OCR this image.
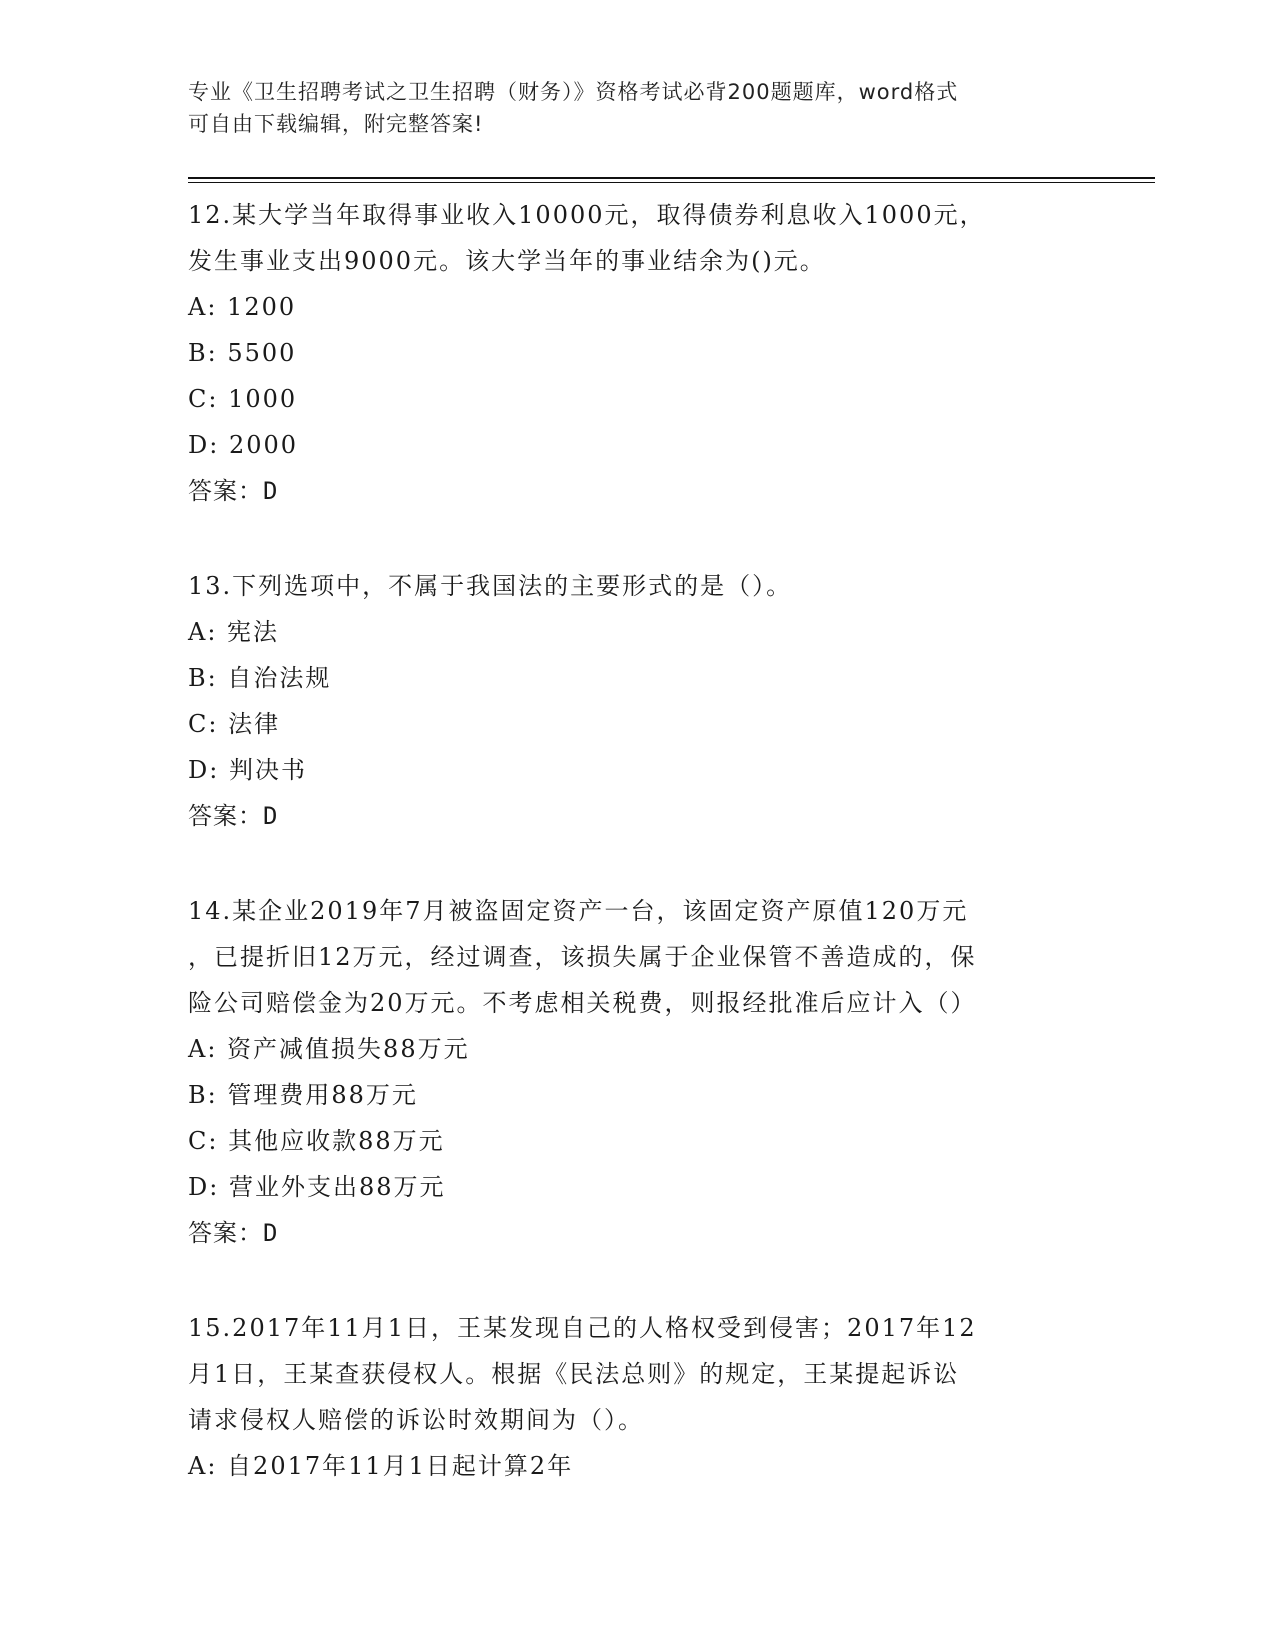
专业《卫生招聘考试之卫生招聘（财务）》资格考试必背200题题库，word格式

可自由下载编辑，附完整答案!

12.某大学当年取得事业收入10000元，取得债券利息收入1000元，

发生事业支出9000元。该大学当年的事业结余为()元。

A: 1200

B: 5500

C: 1000

D: 2000

答案：D

13.下列选项中，不属于我国法的主要形式的是（）。

A: 宪法

B: 自治法规

C: 法律

D: 判决书

答案：D

14.某企业2019年7月被盗固定资产一台，该固定资产原值120万元

，已提折旧12万元，经过调查，该损失属于企业保管不善造成的，保

险公司赔偿金为20万元。不考虑相关税费，则报经批准后应计入（）

A: 资产减值损失88万元

B: 管理费用88万元

C: 其他应收款88万元

D: 营业外支出88万元

答案：D

15.2017年11月1日，王某发现自己的人格权受到侵害；2017年12

月1日，王某查获侵权人。根据《民法总则》的规定，王某提起诉讼

请求侵权人赔偿的诉讼时效期间为（）。

A: 自2017年11月1日起计算2年
